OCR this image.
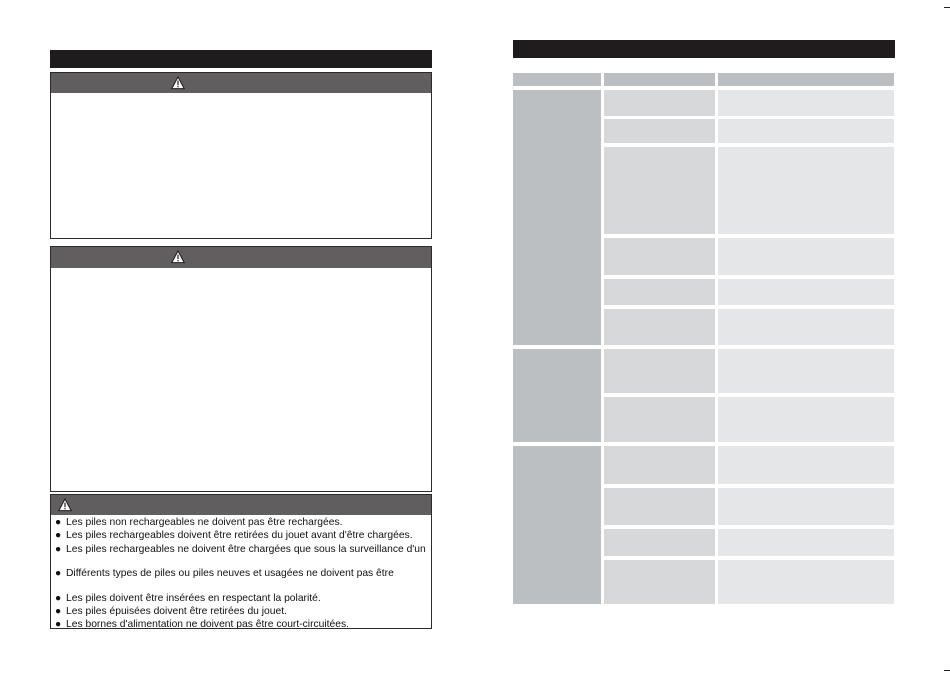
● Les piles non rechargeables ne doivent pas être rechargées.
● Les piles rechargeables doivent être retirées du jouet avant d'être chargées.
● Les piles rechargeables ne doivent être chargées que sous la surveillance d'un
● Différents types de piles ou piles neuves et usagées ne doivent pas être
● Les piles doivent être insérées en respectant la polarité.
● Les piles épuisées doivent être retirées du jouet.
● Les bornes d'alimentation ne doivent pas être court-circuitées.
